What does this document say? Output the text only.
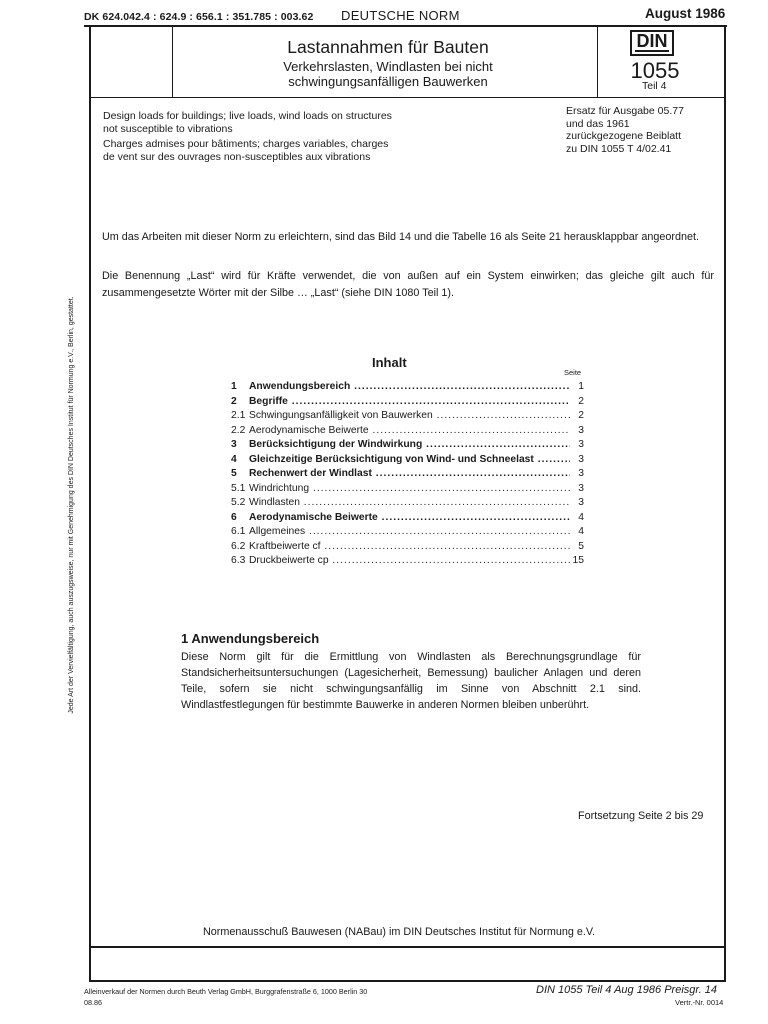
DK 624.042.4 : 624.9 : 656.1 : 351.785 : 003.62 DEUTSCHE NORM	August 1986
Lastannahmen für Bauten
Verkehrslasten, Windlasten bei nicht
schwingungsanfälligen Bauwerken
DIN
1055
Teil 4
Design loads for buildings; live loads, wind loads on structures
not susceptible to vibrations
Charges admises pour bâtiments; charges variables, charges
de vent sur des ouvrages non-susceptibles aux vibrations
Ersatz für Ausgabe 05.77
und das 1961
zurückgezogene Beiblatt
zu DIN 1055 T 4/02.41
Um das Arbeiten mit dieser Norm zu erleichtern, sind das Bild 14 und die Tabelle 16 als Seite 21 herausklappbar angeordnet.
Die Benennung „Last“ wird für Kräfte verwendet, die von außen auf ein System einwirken; das gleiche gilt auch für zusammengesetzte Wörter mit der Silbe … „Last“ (siehe DIN 1080 Teil 1).
Inhalt
Seite
1 Anwendungsbereich .....	1
2 Begriffe .....	2
2.1 Schwingungsanfälligkeit von Bauwerken .....	2
2.2 Aerodynamische Beiwerte .....	3
3 Berücksichtigung der Windwirkung .....	3
4 Gleichzeitige Berücksichtigung von Wind- und Schneelast .....	3
5 Rechenwert der Windlast .....	3
5.1 Windrichtung .....	3
5.2 Windlasten .....	3
6 Aerodynamische Beiwerte .....	4
6.1 Allgemeines .....	4
6.2 Kraftbeiwerte cf .....	5
6.3 Druckbeiwerte cp .....	15
1 Anwendungsbereich
Diese Norm gilt für die Ermittlung von Windlasten als Berechnungsgrundlage für Standsicherheitsuntersuchungen (Lagesicherheit, Bemessung) baulicher Anlagen und deren Teile, sofern sie nicht schwingungsanfällig im Sinne von Abschnitt 2.1 sind. Windlastfestlegungen für bestimmte Bauwerke in anderen Normen bleiben unberührt.
Fortsetzung Seite 2 bis 29
Normenausschuß Bauwesen (NABau) im DIN Deutsches Institut für Normung e.V.
Jede Art der Vervielfältigung, auch auszugsweise, nur mit Genehmigung des DIN Deutsches Institut für Normung e.V., Berlin, gestattet.
Alleinverkauf der Normen durch Beuth Verlag GmbH, Burggrafenstraße 6, 1000 Berlin 30
08.86
DIN 1055 Teil 4 Aug 1986 Preisgr. 14
Vertr.-Nr. 0014
